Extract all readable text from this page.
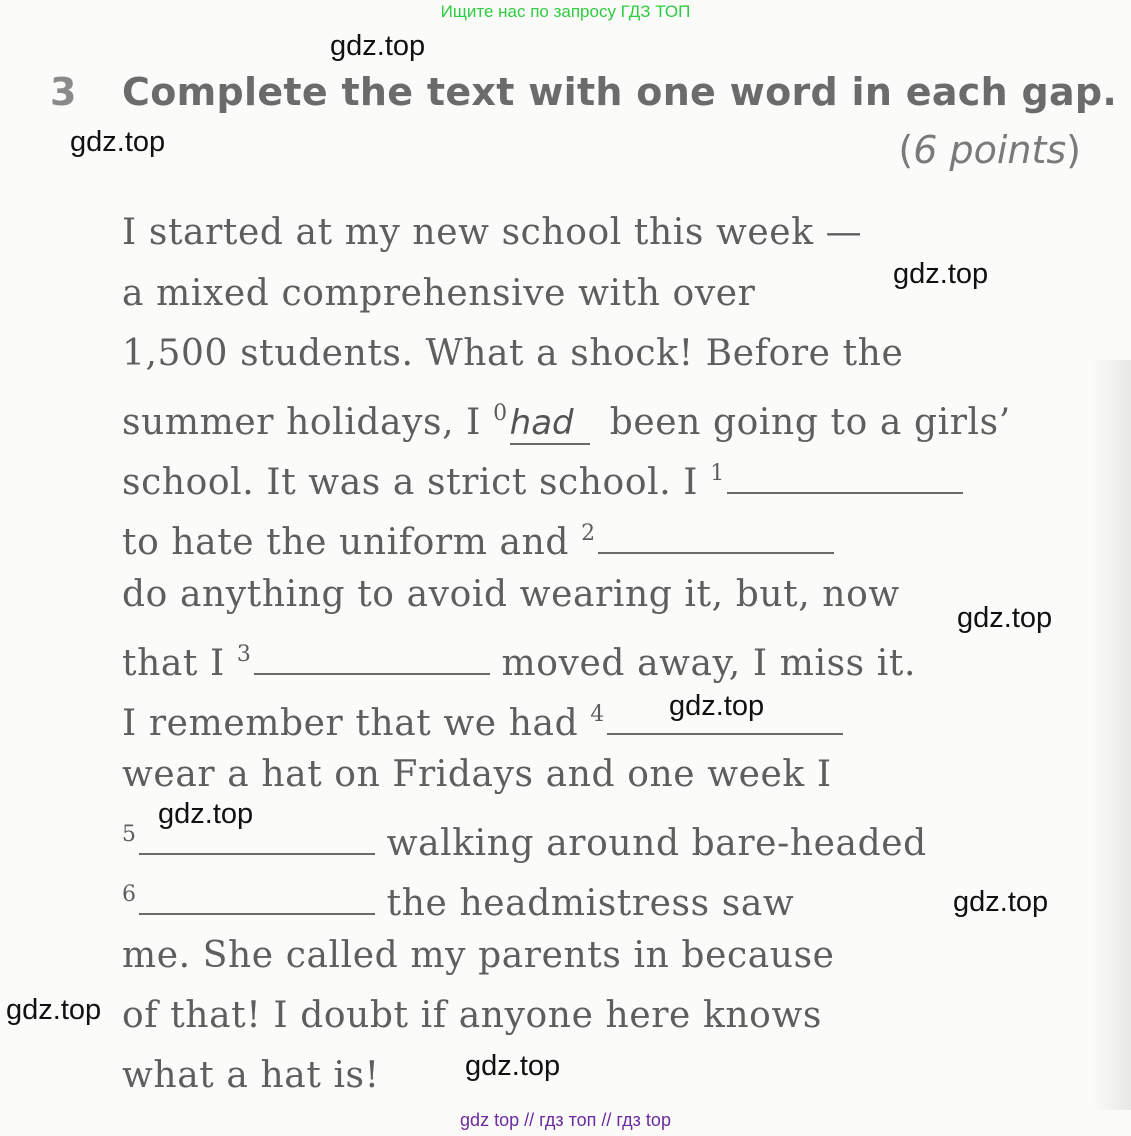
Ищите нас по запросу ГДЗ ТОП
3 Complete the text with one word in each gap.
(6 points)
I started at my new school this week —
a mixed comprehensive with over
1,500 students. What a shock! Before the
summer holidays, I $^0$had been going to a girls’
school. It was a strict school. I $^1$
to hate the uniform and $^2$
do anything to avoid wearing it, but, now
that I $^3$	moved away, I miss it.
I remember that we had $^4$
wear a hat on Fridays and one week I
$^5$	walking around bare-headed
$^6$	the headmistress saw
me. She called my parents in because
of that! I doubt if anyone here knows
what a hat is!
gdz.top
gdz.top
gdz.top
gdz.top
gdz.top
gdz.top
gdz.top
gdz.top
gdz.top
gdz top // гдз топ // гдз top
